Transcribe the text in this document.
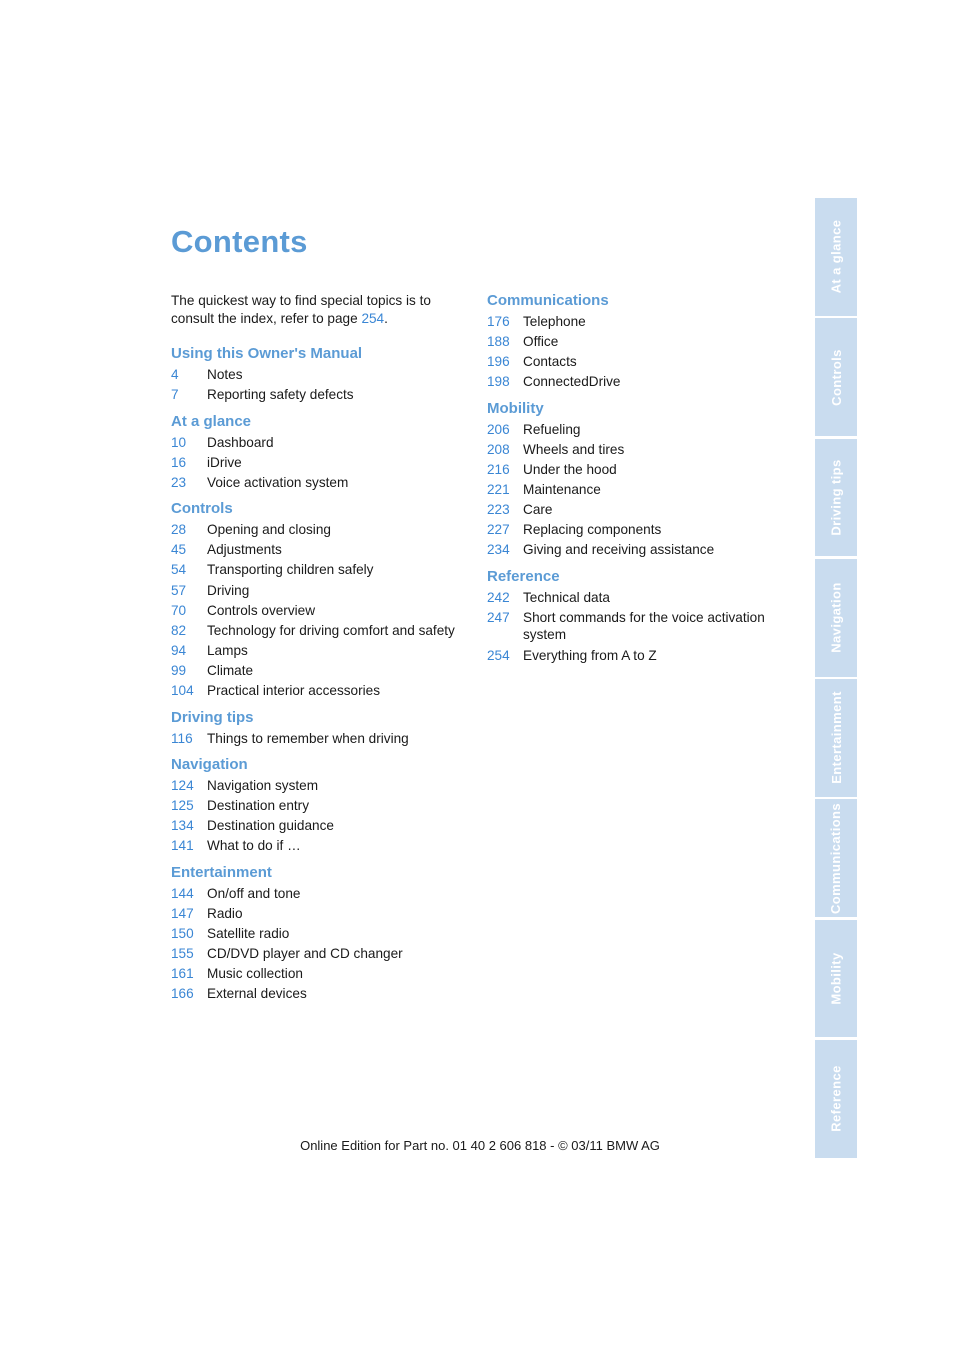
Contents
The quickest way to find special topics is to consult the index, refer to page 254.
Using this Owner's Manual
4	Notes
7	Reporting safety defects
At a glance
10	Dashboard
16	iDrive
23	Voice activation system
Controls
28	Opening and closing
45	Adjustments
54	Transporting children safely
57	Driving
70	Controls overview
82	Technology for driving comfort and safety
94	Lamps
99	Climate
104 Practical interior accessories
Driving tips
116	Things to remember when driving
Navigation
124 Navigation system
125 Destination entry
134 Destination guidance
141 What to do if …
Entertainment
144 On/off and tone
147 Radio
150 Satellite radio
155 CD/DVD player and CD changer
161 Music collection
166 External devices
Communications
176 Telephone
188 Office
196 Contacts
198 ConnectedDrive
Mobility
206 Refueling
208 Wheels and tires
216 Under the hood
221 Maintenance
223 Care
227 Replacing components
234 Giving and receiving assistance
Reference
242 Technical data
247 Short commands for the voice activation system
254 Everything from A to Z
At a glance
Controls
Driving tips
Navigation
Entertainment
Communications
Mobility
Reference
Online Edition for Part no. 01 40 2 606 818 - © 03/11 BMW AG
